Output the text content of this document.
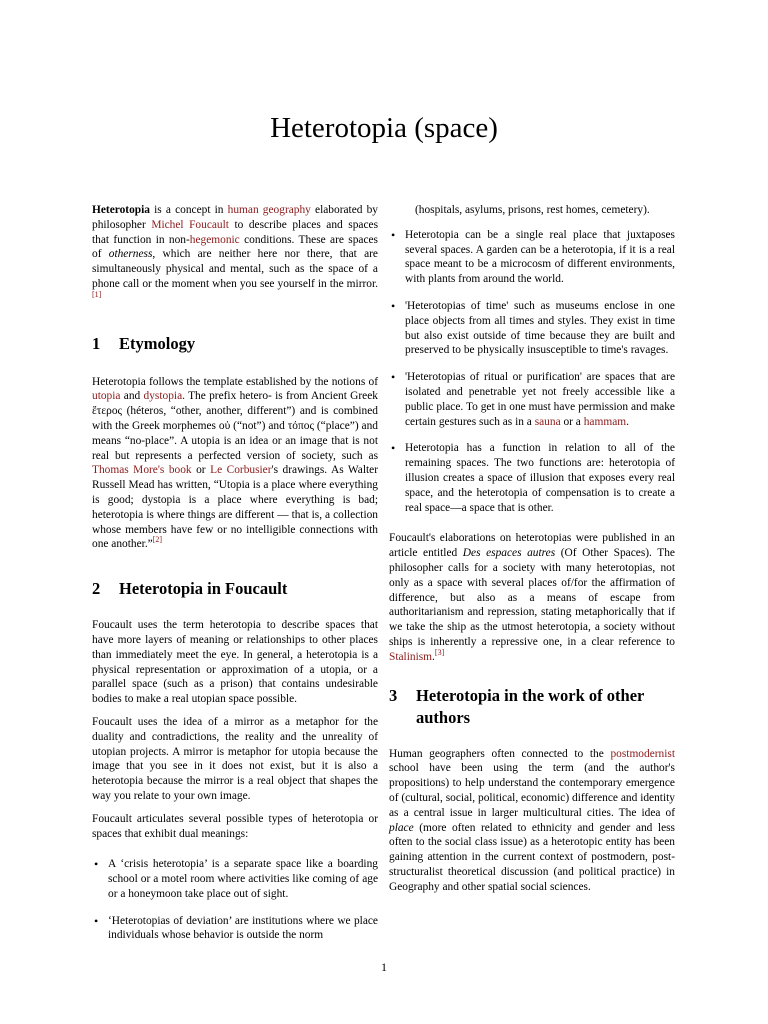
Heterotopia (space)

Heterotopia is a concept in human geography elaborated by philosopher Michel Foucault to describe places and spaces that function in non-hegemonic conditions. These are spaces of otherness, which are neither here nor there, that are simultaneously physical and mental, such as the space of a phone call or the moment when you see yourself in the mirror.[1]

1	Etymology

Heterotopia follows the template established by the notions of utopia and dystopia. The prefix hetero- is from Ancient Greek ἕτερος (héteros, “other, another, different”) and is combined with the Greek morphemes οὐ (“not”) and τόπος (“place”) and means “no-place”. A utopia is an idea or an image that is not real but represents a perfected version of society, such as Thomas More's book or Le Corbusier's drawings. As Walter Russell Mead has written, “Utopia is a place where everything is good; dystopia is a place where everything is bad; heterotopia is where things are different — that is, a collection whose members have few or no intelligible connections with one another.”[2]

2	Heterotopia in Foucault

Foucault uses the term heterotopia to describe spaces that have more layers of meaning or relationships to other places than immediately meet the eye. In general, a heterotopia is a physical representation or approximation of a utopia, or a parallel space (such as a prison) that contains undesirable bodies to make a real utopian space possible.

Foucault uses the idea of a mirror as a metaphor for the duality and contradictions, the reality and the unreality of utopian projects. A mirror is metaphor for utopia because the image that you see in it does not exist, but it is also a heterotopia because the mirror is a real object that shapes the way you relate to your own image.

Foucault articulates several possible types of heterotopia or spaces that exhibit dual meanings:

• A ‘crisis heterotopia’ is a separate space like a boarding school or a motel room where activities like coming of age or a honeymoon take place out of sight.
• ‘Heterotopias of deviation’ are institutions where we place individuals whose behavior is outside the norm

(hospitals, asylums, prisons, rest homes, cemetery).

• Heterotopia can be a single real place that juxtaposes several spaces. A garden can be a heterotopia, if it is a real space meant to be a microcosm of different environments, with plants from around the world.
• 'Heterotopias of time' such as museums enclose in one place objects from all times and styles. They exist in time but also exist outside of time because they are built and preserved to be physically insusceptible to time's ravages.
• 'Heterotopias of ritual or purification' are spaces that are isolated and penetrable yet not freely accessible like a public place. To get in one must have permission and make certain gestures such as in a sauna or a hammam.
• Heterotopia has a function in relation to all of the remaining spaces. The two functions are: heterotopia of illusion creates a space of illusion that exposes every real space, and the heterotopia of compensation is to create a real space—a space that is other.

Foucault's elaborations on heterotopias were published in an article entitled Des espaces autres (Of Other Spaces). The philosopher calls for a society with many heterotopias, not only as a space with several places of/for the affirmation of difference, but also as a means of escape from authoritarianism and repression, stating metaphorically that if we take the ship as the utmost heterotopia, a society without ships is inherently a repressive one, in a clear reference to Stalinism.[3]

3	Heterotopia in the work of other authors

Human geographers often connected to the postmodernist school have been using the term (and the author's propositions) to help understand the contemporary emergence of (cultural, social, political, economic) difference and identity as a central issue in larger multicultural cities. The idea of place (more often related to ethnicity and gender and less often to the social class issue) as a heterotopic entity has been gaining attention in the current context of postmodern, post-structuralist theoretical discussion (and political practice) in Geography and other spatial social sciences.

1
